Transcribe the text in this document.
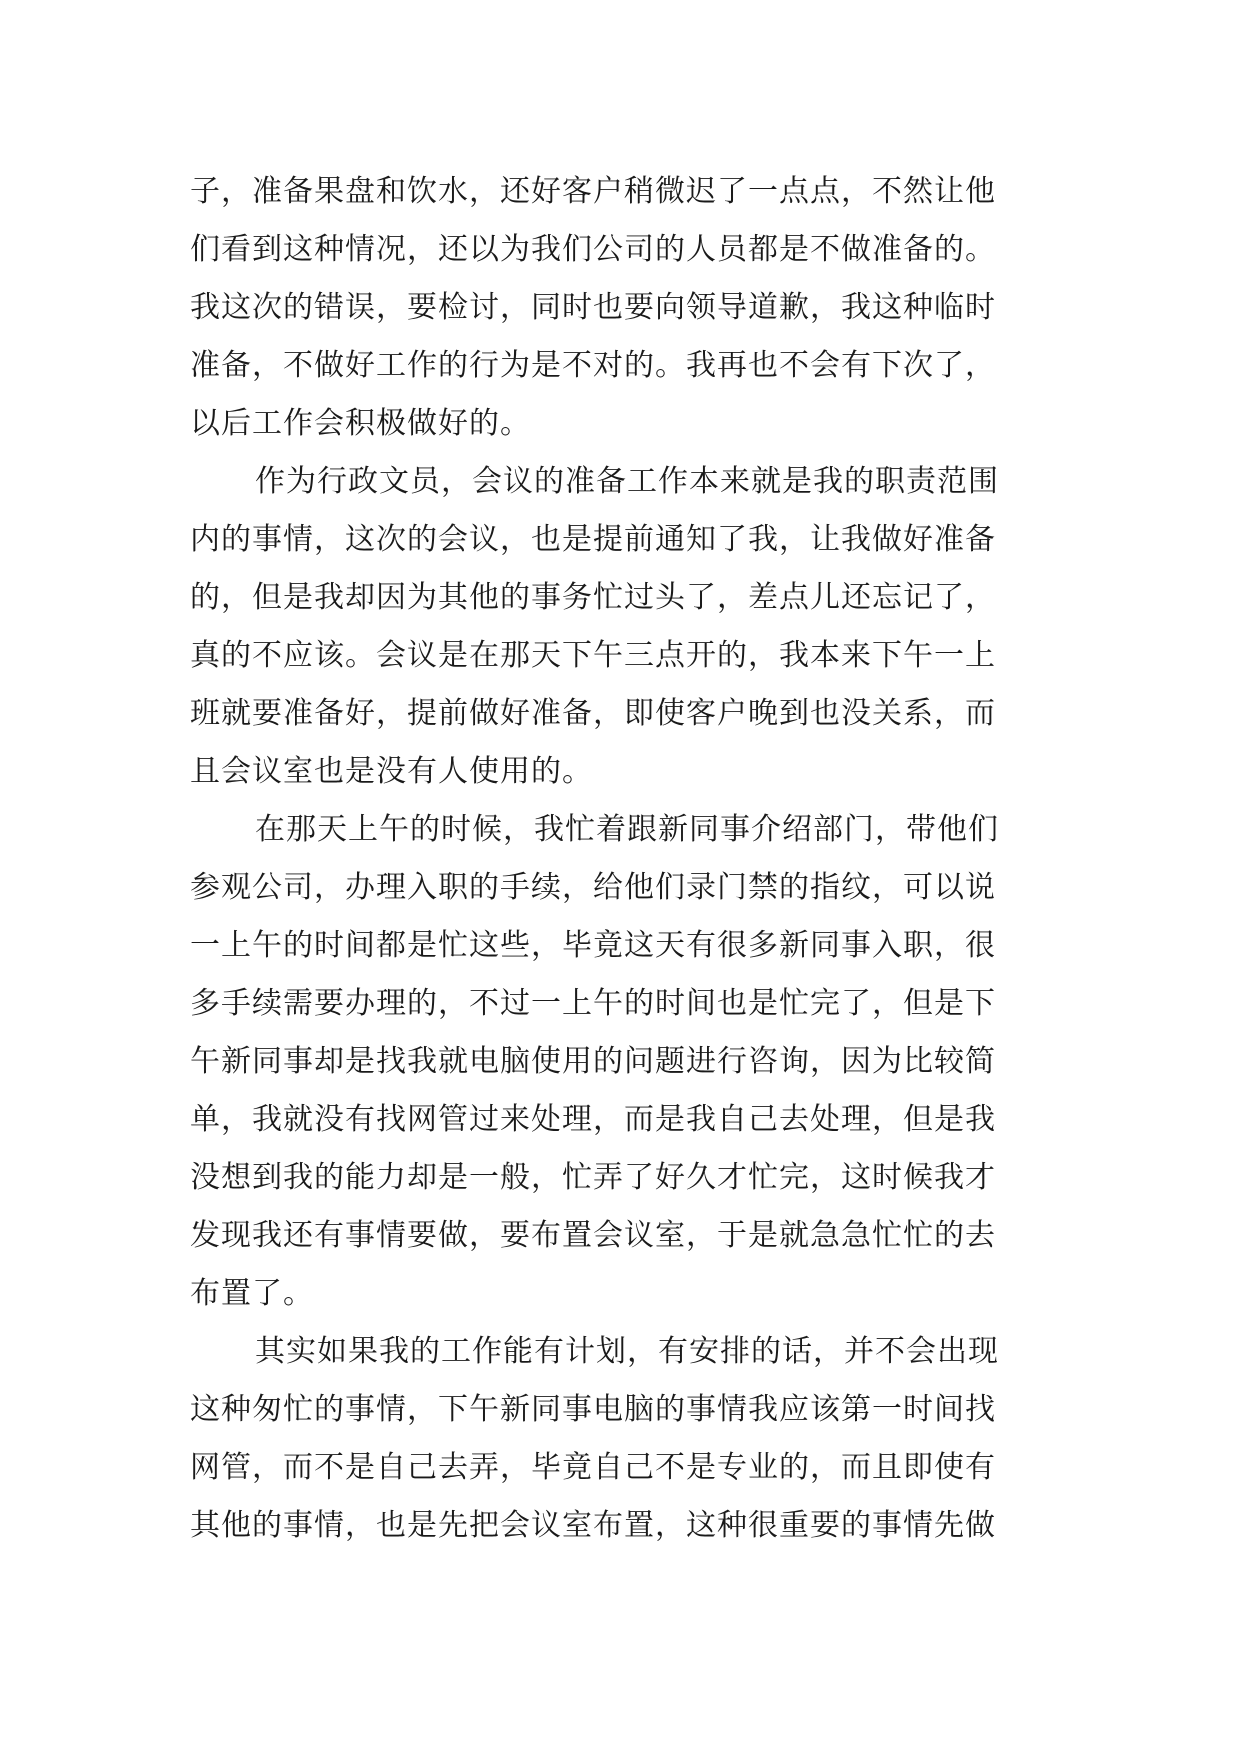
子，准备果盘和饮水，还好客户稍微迟了一点点，不然让他
们看到这种情况，还以为我们公司的人员都是不做准备的。
我这次的错误，要检讨，同时也要向领导道歉，我这种临时
准备，不做好工作的行为是不对的。我再也不会有下次了，
以后工作会积极做好的。
作为行政文员，会议的准备工作本来就是我的职责范围
内的事情，这次的会议，也是提前通知了我，让我做好准备
的，但是我却因为其他的事务忙过头了，差点儿还忘记了，
真的不应该。会议是在那天下午三点开的，我本来下午一上
班就要准备好，提前做好准备，即使客户晚到也没关系，而
且会议室也是没有人使用的。
在那天上午的时候，我忙着跟新同事介绍部门，带他们
参观公司，办理入职的手续，给他们录门禁的指纹，可以说
一上午的时间都是忙这些，毕竟这天有很多新同事入职，很
多手续需要办理的，不过一上午的时间也是忙完了，但是下
午新同事却是找我就电脑使用的问题进行咨询，因为比较简
单，我就没有找网管过来处理，而是我自己去处理，但是我
没想到我的能力却是一般，忙弄了好久才忙完，这时候我才
发现我还有事情要做，要布置会议室，于是就急急忙忙的去
布置了。
其实如果我的工作能有计划，有安排的话，并不会出现
这种匆忙的事情，下午新同事电脑的事情我应该第一时间找
网管，而不是自己去弄，毕竟自己不是专业的，而且即使有
其他的事情，也是先把会议室布置，这种很重要的事情先做
